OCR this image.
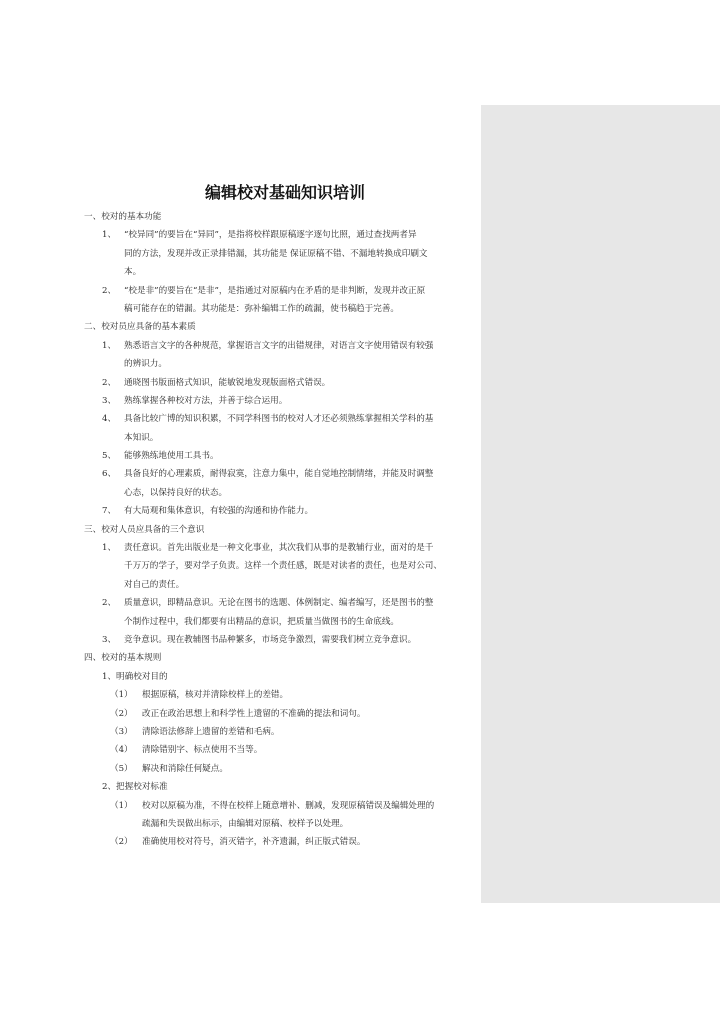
编辑校对基础知识培训
一、校对的基本功能
1、 “校异同”的要旨在“异同”，是指将校样跟原稿逐字逐句比照，通过查找两者异
同的方法，发现并改正录排错漏，其功能是 保证原稿不错、不漏地转换成印刷文
本。
2、 “校是非”的要旨在“是非”，是指通过对原稿内在矛盾的是非判断，发现并改正原
稿可能存在的错漏。其功能是：弥补编辑工作的疏漏，使书稿趋于完善。
二、校对员应具备的基本素质
1、 熟悉语言文字的各种规范，掌握语言文字的出错规律，对语言文字使用错误有较强
的辨识力。
2、 通晓图书版面格式知识，能敏锐地发现版面格式错误。
3、 熟练掌握各种校对方法，并善于综合运用。
4、 具备比较广博的知识积累，不同学科图书的校对人才还必须熟练掌握相关学科的基
本知识。
5、 能够熟练地使用工具书。
6、 具备良好的心理素质，耐得寂寞，注意力集中，能自觉地控制情绪，并能及时调整
心态，以保持良好的状态。
7、 有大局观和集体意识，有较强的沟通和协作能力。
三、校对人员应具备的三个意识
1、 责任意识。首先出版业是一种文化事业，其次我们从事的是教辅行业，面对的是千
千万万的学子，要对学子负责。这样一个责任感，既是对读者的责任，也是对公司、
对自己的责任。
2、 质量意识，即精品意识。无论在图书的选题、体例制定、编者编写，还是图书的整
个制作过程中，我们都要有出精品的意识，把质量当做图书的生命底线。
3、 竞争意识。现在教辅图书品种繁多，市场竞争激烈，需要我们树立竞争意识。
四、校对的基本规则
1、明确校对目的
（1） 根据原稿，核对并清除校样上的差错。
（2） 改正在政治思想上和科学性上遗留的不准确的提法和词句。
（3） 清除语法修辞上遗留的差错和毛病。
（4） 清除错别字、标点使用不当等。
（5） 解决和消除任何疑点。
2、把握校对标准
（1） 校对以原稿为准，不得在校样上随意增补、删减，发现原稿错误及编辑处理的
疏漏和失误做出标示，由编辑对原稿、校样予以处理。
（2） 准确使用校对符号，消灭错字，补齐遗漏，纠正版式错误。
